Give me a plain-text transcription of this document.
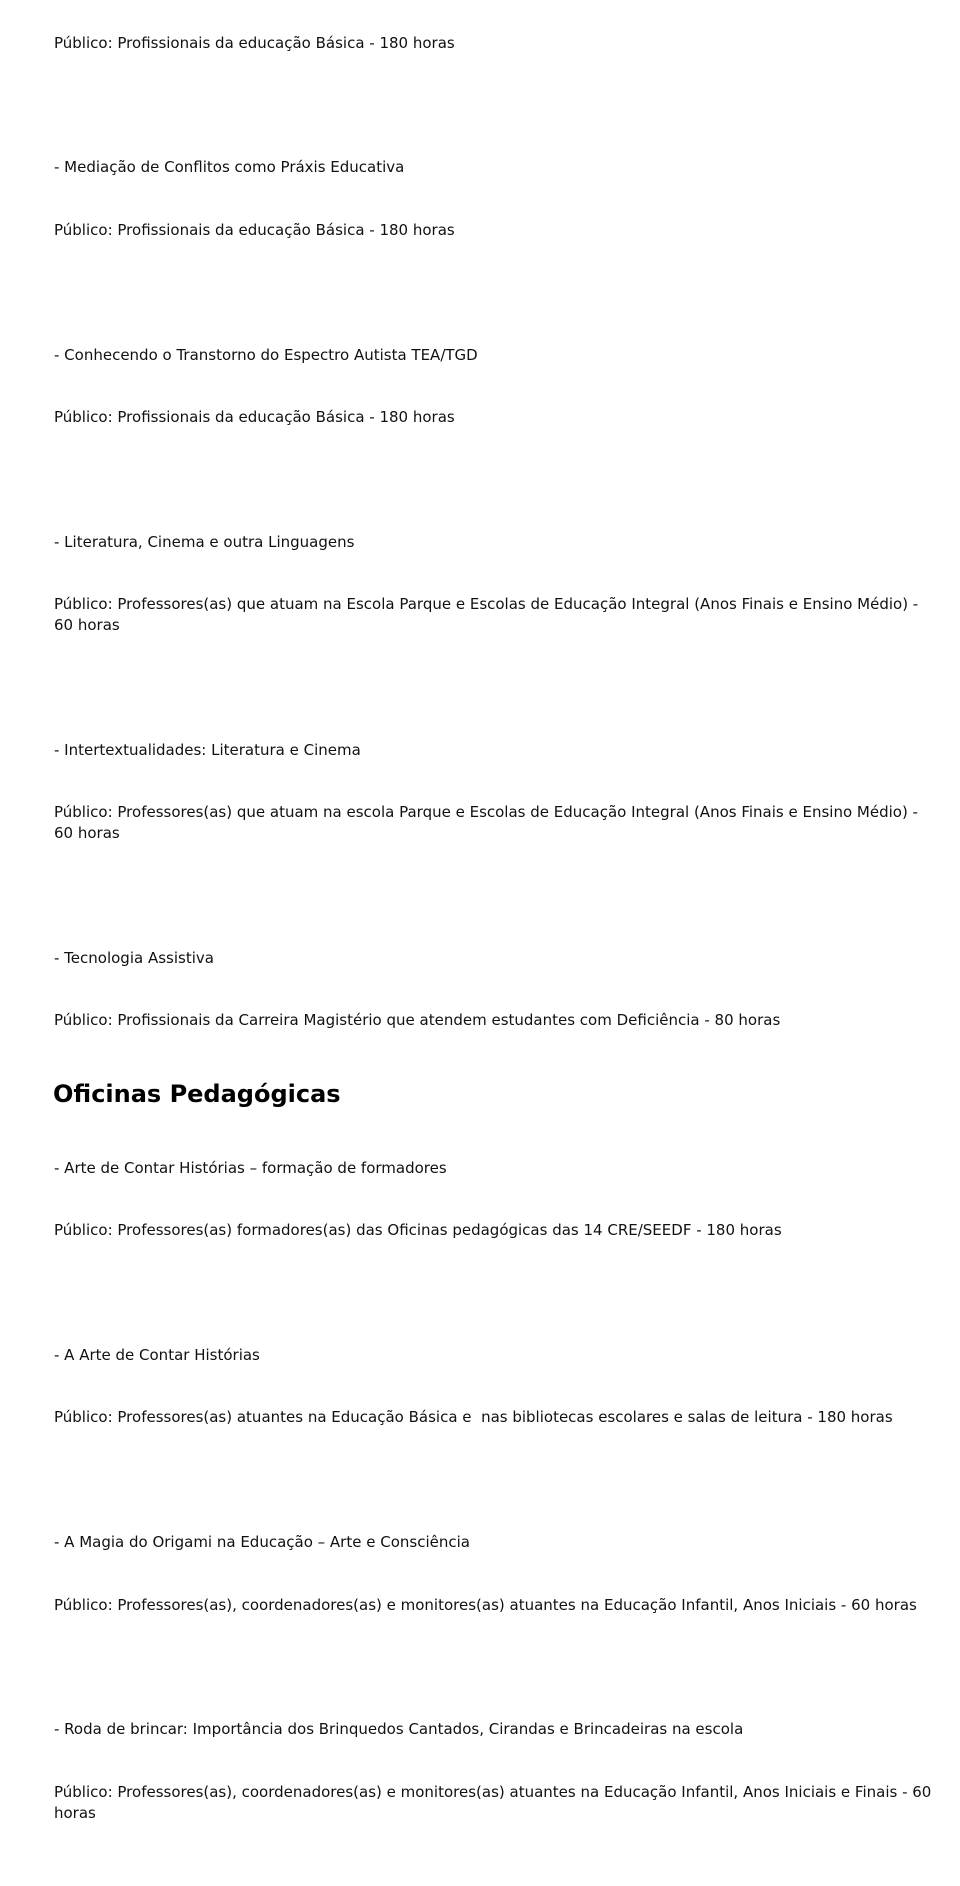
Público: Profissionais da educação Básica - 180 horas

- Mediação de Conflitos como Práxis Educativa

Público: Profissionais da educação Básica - 180 horas

- Conhecendo o Transtorno do Espectro Autista TEA/TGD

Público: Profissionais da educação Básica - 180 horas

- Literatura, Cinema e outra Linguagens

Público: Professores(as) que atuam na Escola Parque e Escolas de Educação Integral (Anos Finais e Ensino Médio) - 60 horas

- Intertextualidades: Literatura e Cinema

Público: Professores(as) que atuam na escola Parque e Escolas de Educação Integral (Anos Finais e Ensino Médio) - 60 horas

- Tecnologia Assistiva

Público: Profissionais da Carreira Magistério que atendem estudantes com Deficiência - 80 horas

Oficinas Pedagógicas

- Arte de Contar Histórias – formação de formadores

Público: Professores(as) formadores(as) das Oficinas pedagógicas das 14 CRE/SEEDF - 180 horas

- A Arte de Contar Histórias

Público: Professores(as) atuantes na Educação Básica e  nas bibliotecas escolares e salas de leitura - 180 horas

- A Magia do Origami na Educação – Arte e Consciência

Público: Professores(as), coordenadores(as) e monitores(as) atuantes na Educação Infantil, Anos Iniciais - 60 horas

- Roda de brincar: Importância dos Brinquedos Cantados, Cirandas e Brincadeiras na escola

Público: Professores(as), coordenadores(as) e monitores(as) atuantes na Educação Infantil, Anos Iniciais e Finais - 60 horas
